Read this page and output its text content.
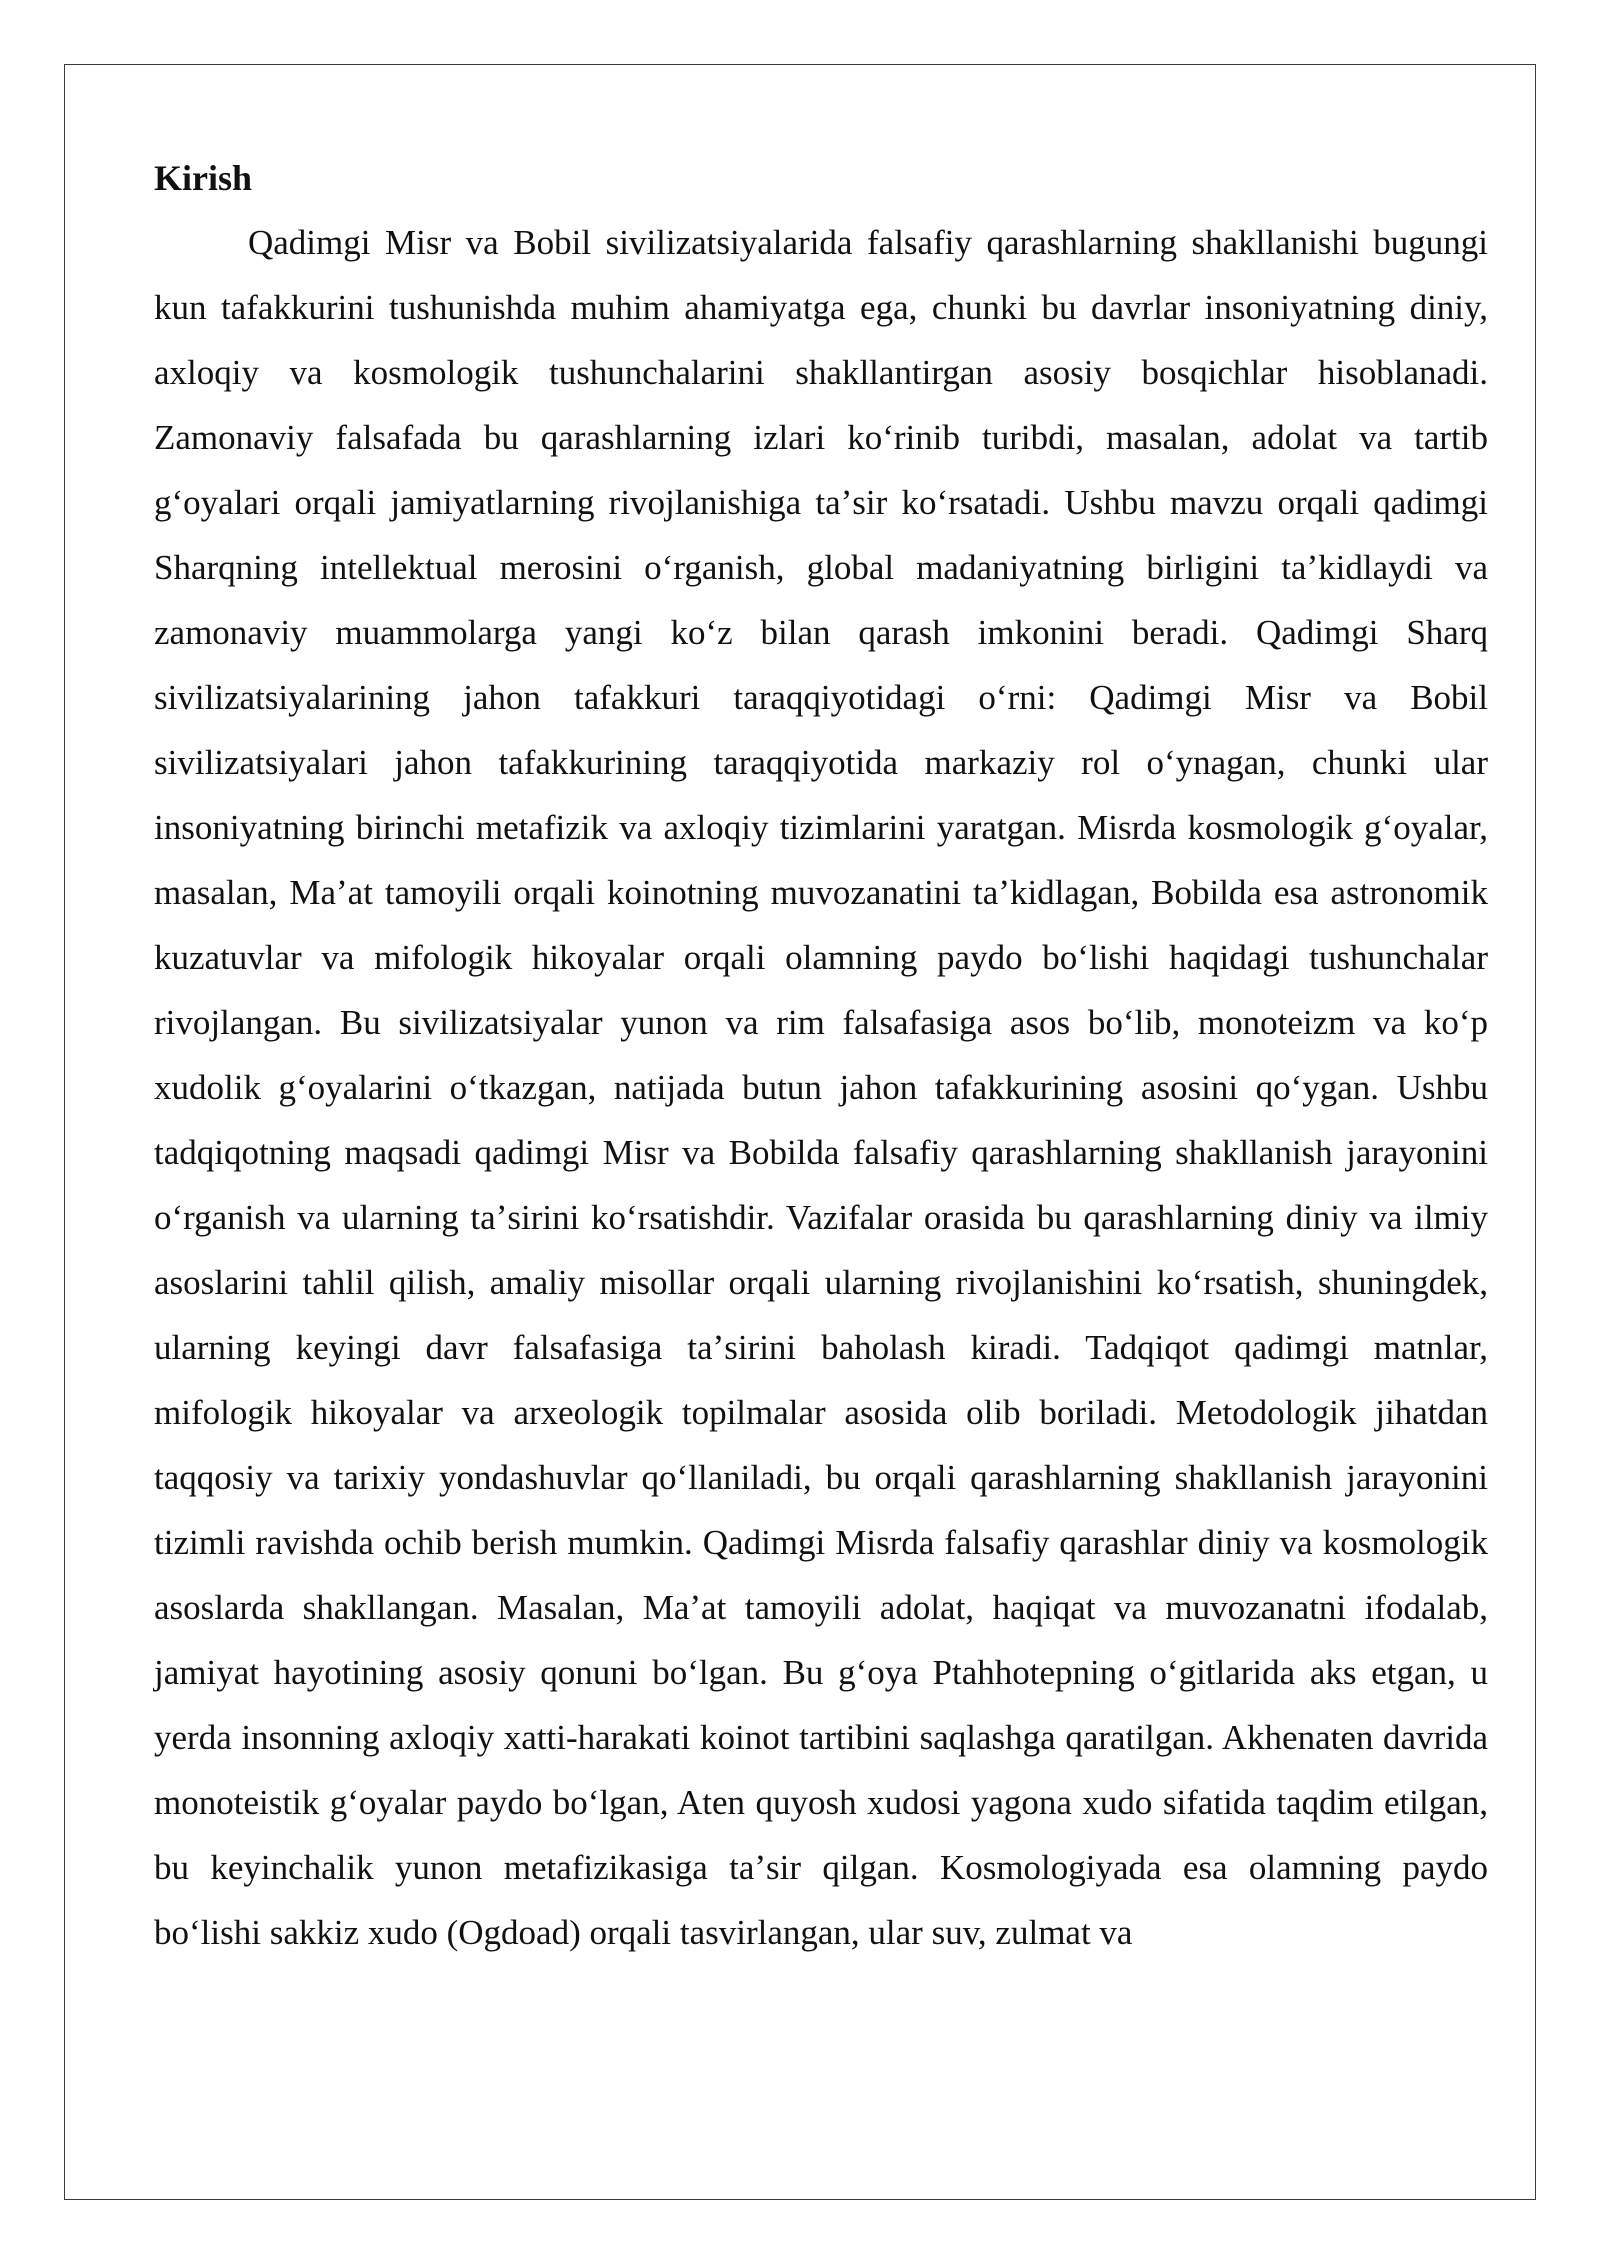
Kirish

Qadimgi Misr va Bobil sivilizatsiyalarida falsafiy qarashlarning shakllanishi bugungi kun tafakkurini tushunishda muhim ahamiyatga ega, chunki bu davrlar insoniyatning diniy, axloqiy va kosmologik tushunchalarini shakllantirgan asosiy bosqichlar hisoblanadi. Zamonaviy falsafada bu qarashlarning izlari koʻrinib turibdi, masalan, adolat va tartib gʻoyalari orqali jamiyatlarning rivojlanishiga taʼsir koʻrsatadi. Ushbu mavzu orqali qadimgi Sharqning intellektual merosini oʻrganish, global madaniyatning birligini taʼkidlaydi va zamonaviy muammolarga yangi koʻz bilan qarash imkonini beradi. Qadimgi Sharq sivilizatsiyalarining jahon tafakkuri taraqqiyotidagi oʻrni: Qadimgi Misr va Bobil sivilizatsiyalari jahon tafakkurining taraqqiyotida markaziy rol oʻynagan, chunki ular insoniyatning birinchi metafizik va axloqiy tizimlarini yaratgan. Misrda kosmologik gʻoyalar, masalan, Maʼat tamoyili orqali koinotning muvozanatini taʼkidlagan, Bobilda esa astronomik kuzatuvlar va mifologik hikoyalar orqali olamning paydo boʻlishi haqidagi tushunchalar rivojlangan. Bu sivilizatsiyalar yunon va rim falsafasiga asos boʻlib, monoteizm va koʻp xudolik gʻoyalarini oʻtkazgan, natijada butun jahon tafakkurining asosini qoʻygan. Ushbu tadqiqotning maqsadi qadimgi Misr va Bobilda falsafiy qarashlarning shakllanish jarayonini oʻrganish va ularning taʼsirini koʻrsatishdir. Vazifalar orasida bu qarashlarning diniy va ilmiy asoslarini tahlil qilish, amaliy misollar orqali ularning rivojlanishini koʻrsatish, shuningdek, ularning keyingi davr falsafasiga taʼsirini baholash kiradi. Tadqiqot qadimgi matnlar, mifologik hikoyalar va arxeologik topilmalar asosida olib boriladi. Metodologik jihatdan taqqosiy va tarixiy yondashuvlar qoʻllaniladi, bu orqali qarashlarning shakllanish jarayonini tizimli ravishda ochib berish mumkin. Qadimgi Misrda falsafiy qarashlar diniy va kosmologik asoslarda shakllangan. Masalan, Maʼat tamoyili adolat, haqiqat va muvozanatni ifodalab, jamiyat hayotining asosiy qonuni boʻlgan. Bu gʻoya Ptahhotepning oʻgitlarida aks etgan, u yerda insonning axloqiy xatti-harakati koinot tartibini saqlashga qaratilgan. Akhenaten davrida monoteistik gʻoyalar paydo boʻlgan, Aten quyosh xudosi yagona xudo sifatida taqdim etilgan, bu keyinchalik yunon metafizikasiga taʼsir qilgan. Kosmologiyada esa olamning paydo boʻlishi sakkiz xudo (Ogdoad) orqali tasvirlangan, ular suv, zulmat va
